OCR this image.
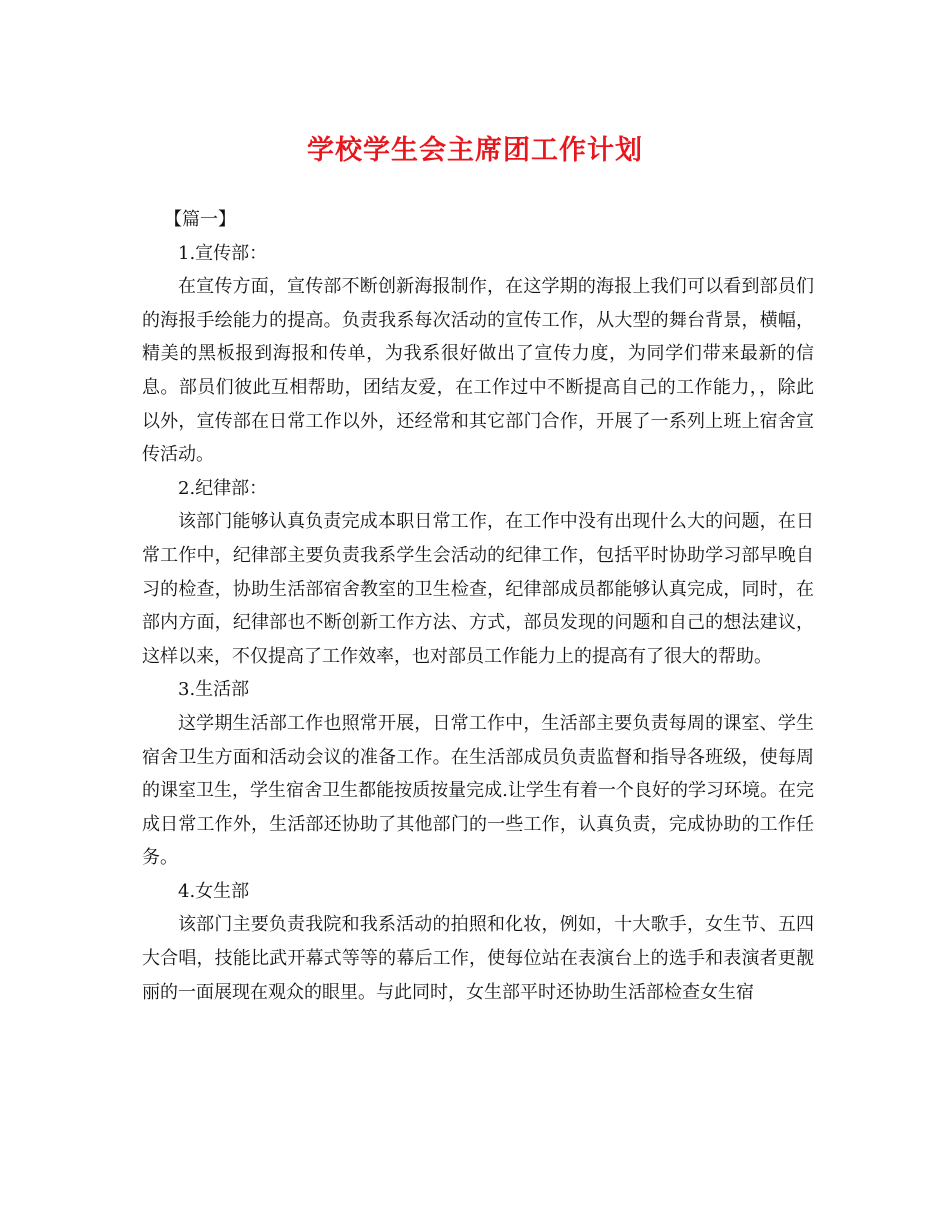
学校学生会主席团工作计划

【篇一】

1.宣传部：

在宣传方面，宣传部不断创新海报制作，在这学期的海报上我们可以看到部员们的海报手绘能力的提高。负责我系每次活动的宣传工作，从大型的舞台背景，横幅，精美的黑板报到海报和传单，为我系很好做出了宣传力度，为同学们带来最新的信息。部员们彼此互相帮助，团结友爱，在工作过中不断提高自己的工作能力，，除此以外，宣传部在日常工作以外，还经常和其它部门合作，开展了一系列上班上宿舍宣传活动。

2.纪律部：

该部门能够认真负责完成本职日常工作，在工作中没有出现什么大的问题，在日常工作中，纪律部主要负责我系学生会活动的纪律工作，包括平时协助学习部早晚自习的检查，协助生活部宿舍教室的卫生检查，纪律部成员都能够认真完成，同时，在部内方面，纪律部也不断创新工作方法、方式，部员发现的问题和自己的想法建议，这样以来，不仅提高了工作效率，也对部员工作能力上的提高有了很大的帮助。

3.生活部

这学期生活部工作也照常开展，日常工作中，生活部主要负责每周的课室、学生宿舍卫生方面和活动会议的准备工作。在生活部成员负责监督和指导各班级，使每周的课室卫生，学生宿舍卫生都能按质按量完成.让学生有着一个良好的学习环境。在完成日常工作外，生活部还协助了其他部门的一些工作，认真负责，完成协助的工作任务。

4.女生部

该部门主要负责我院和我系活动的拍照和化妆，例如，十大歌手，女生节、五四大合唱，技能比武开幕式等等的幕后工作，使每位站在表演台上的选手和表演者更靓丽的一面展现在观众的眼里。与此同时，女生部平时还协助生活部检查女生宿
